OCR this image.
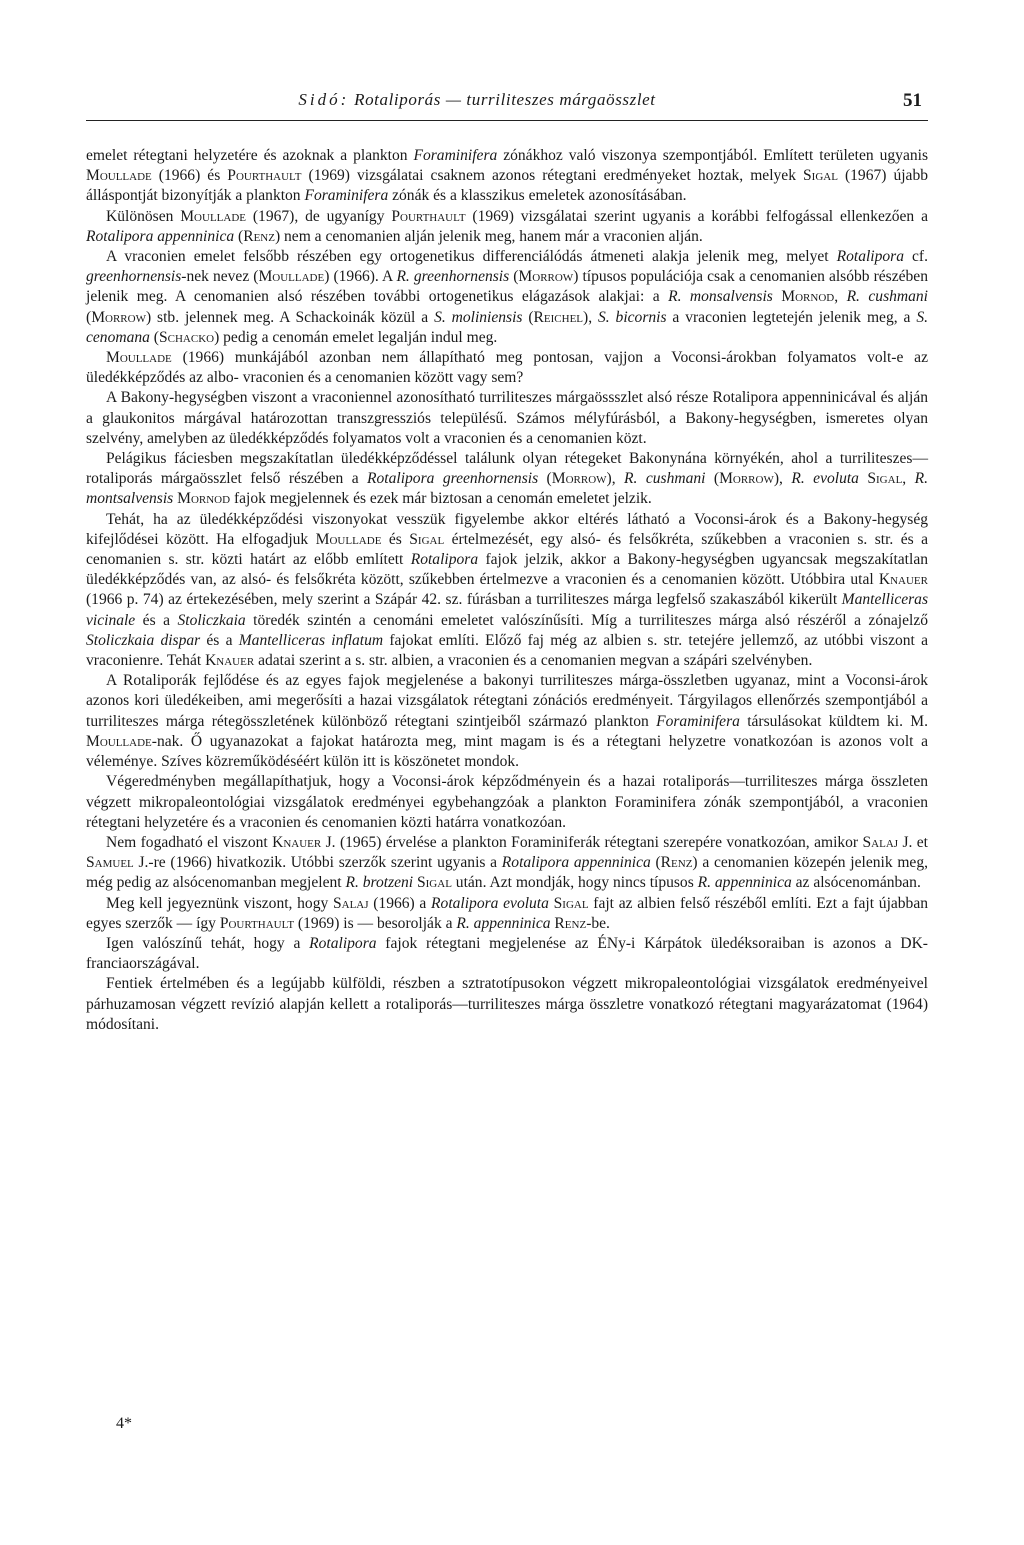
Sidó: Rotaliporás — turriliteszes márgaösszlet	51

emelet rétegtani helyzetére és azoknak a plankton Foraminifera zónákhoz való viszonya szempontjából. Említett területen ugyanis Moullade (1966) és Pourthault (1969) vizsgálatai csaknem azonos rétegtani eredményeket hoztak, melyek Sigal (1967) újabb álláspontját bizonyítják a plankton Foraminifera zónák és a klasszikus emeletek azonosításában.

Különösen Moullade (1967), de ugyanígy Pourthault (1969) vizsgálatai szerint ugyanis a korábbi felfogással ellenkezően a Rotalipora appenninica (Renz) nem a cenomanien alján jelenik meg, hanem már a vraconien alján.

A vraconien emelet felsőbb részében egy ortogenetikus differenciálódás átmeneti alakja jelenik meg, melyet Rotalipora cf. greenhornensis-nek nevez (Moullade) (1966). A R. greenhornensis (Morrow) típusos populációja csak a cenomanien alsóbb részében jelenik meg. A cenomanien alsó részében további ortogenetikus elágazások alakjai: a R. monsalvensis Mornod, R. cushmani (Morrow) stb. jelennek meg. A Schackoinák közül a S. moliniensis (Reichel), S. bicornis a vraconien legtetején jelenik meg, a S. cenomana (Schacko) pedig a cenomán emelet legalján indul meg.

Moullade (1966) munkájából azonban nem állapítható meg pontosan, vajjon a Voconsi-árokban folyamatos volt-e az üledékképződés az albo- vraconien és a cenomanien között vagy sem?

A Bakony-hegységben viszont a vraconiennel azonosítható turriliteszes márgaössszlet alsó része Rotalipora appenninicával és alján a glaukonitos márgával határozottan transzgressziós településű. Számos mélyfúrásból, a Bakony-hegységben, ismeretes olyan szelvény, amelyben az üledékképződés folyamatos volt a vraconien és a cenomanien közt.

Pelágikus fáciesben megszakítatlan üledékképződéssel találunk olyan rétegeket Bakonynána környékén, ahol a turriliteszes—rotaliporás márgaösszlet felső részében a Rotalipora greenhornensis (Morrow), R. cushmani (Morrow), R. evoluta Sigal, R. montsalvensis Mornod fajok megjelennek és ezek már biztosan a cenomán emeletet jelzik.

Tehát, ha az üledékképződési viszonyokat vesszük figyelembe akkor eltérés látható a Voconsi-árok és a Bakony-hegység kifejlődései között. Ha elfogadjuk Moullade és Sigal értelmezését, egy alsó- és felsőkréta, szűkebben a vraconien s. str. és a cenomanien s. str. közti határt az előbb említett Rotalipora fajok jelzik, akkor a Bakony-hegységben ugyancsak megszakítatlan üledékképződés van, az alsó- és felsőkréta között, szűkebben értelmezve a vraconien és a cenomanien között. Utóbbira utal Knauer (1966 p. 74) az értekezésében, mely szerint a Szápár 42. sz. fúrásban a turriliteszes márga legfelső szakaszából kikerült Mantelliceras vicinale és a Stoliczkaia töredék szintén a cenománi emeletet valószínűsíti. Míg a turriliteszes márga alsó részéről a zónajelző Stoliczkaia dispar és a Mantelliceras inflatum fajokat említi. Előző faj még az albien s. str. tetejére jellemző, az utóbbi viszont a vraconienre. Tehát Knauer adatai szerint a s. str. albien, a vraconien és a cenomanien megvan a szápári szelvényben.

A Rotaliporák fejlődése és az egyes fajok megjelenése a bakonyi turriliteszes márga-összletben ugyanaz, mint a Voconsi-árok azonos kori üledékeiben, ami megerősíti a hazai vizsgálatok rétegtani zónációs eredményeit. Tárgyilagos ellenőrzés szempontjából a turriliteszes márga rétegösszletének különböző rétegtani szintjeiből származó plankton Foraminifera társulásokat küldtem ki. M. Moullade-nak. Ő ugyanazokat a fajokat határozta meg, mint magam is és a rétegtani helyzetre vonatkozóan is azonos volt a véleménye. Szíves közreműködéséért külön itt is köszönetet mondok.

Végeredményben megállapíthatjuk, hogy a Voconsi-árok képződményein és a hazai rotaliporás—turriliteszes márga összleten végzett mikropaleontológiai vizsgálatok eredményei egybehangzóak a plankton Foraminifera zónák szempontjából, a vraconien rétegtani helyzetére és a vraconien és cenomanien közti határra vonatkozóan.

Nem fogadható el viszont Knauer J. (1965) érvelése a plankton Foraminiferák rétegtani szerepére vonatkozóan, amikor Salaj J. et Samuel J.-re (1966) hivatkozik. Utóbbi szerzők szerint ugyanis a Rotalipora appenninica (Renz) a cenomanien közepén jelenik meg, még pedig az alsócenomanban megjelent R. brotzeni Sigal után. Azt mondják, hogy nincs típusos R. appenninica az alsócenománban.

Meg kell jegyeznünk viszont, hogy Salaj (1966) a Rotalipora evoluta Sigal fajt az albien felső részéből említi. Ezt a fajt újabban egyes szerzők — így Pourthault (1969) is — besorolják a R. appenninica Renz-be.

Igen valószínű tehát, hogy a Rotalipora fajok rétegtani megjelenése az ÉNy-i Kárpátok üledéksoraiban is azonos a DK-franciaországával.

Fentiek értelmében és a legújabb külföldi, részben a sztratotípusokon végzett mikropaleontológiai vizsgálatok eredményeivel párhuzamosan végzett revízió alapján kellett a rotaliporás—turriliteszes márga összletre vonatkozó rétegtani magyarázatomat (1964) módosítani.

4*
